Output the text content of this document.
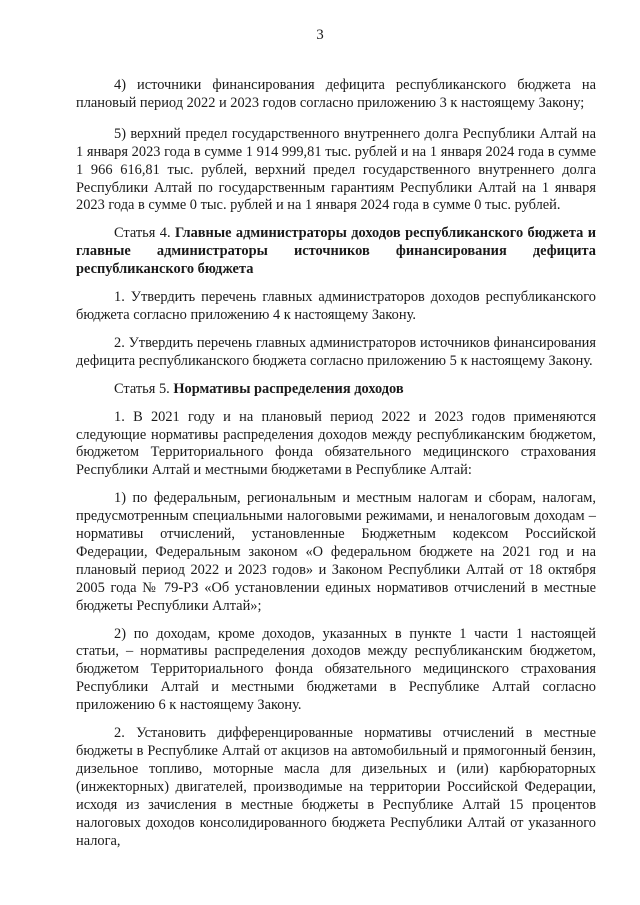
3

4) источники финансирования дефицита республиканского бюджета на плановый период 2022 и 2023 годов согласно приложению 3 к настоящему Закону;

5) верхний предел государственного внутреннего долга Республики Алтай на 1 января 2023 года в сумме 1 914 999,81 тыс. рублей и на 1 января 2024 года в сумме 1 966 616,81 тыс. рублей, верхний предел государственного внутреннего долга Республики Алтай по государственным гарантиям Республики Алтай на 1 января 2023 года в сумме 0 тыс. рублей и на 1 января 2024 года в сумме 0 тыс. рублей.

Статья 4. Главные администраторы доходов республиканского бюджета и главные администраторы источников финансирования дефицита республиканского бюджета

1. Утвердить перечень главных администраторов доходов республиканского бюджета согласно приложению 4 к настоящему Закону.

2. Утвердить перечень главных администраторов источников финансирования дефицита республиканского бюджета согласно приложению 5 к настоящему Закону.

Статья 5. Нормативы распределения доходов

1. В 2021 году и на плановый период 2022 и 2023 годов применяются следующие нормативы распределения доходов между республиканским бюджетом, бюджетом Территориального фонда обязательного медицинского страхования Республики Алтай и местными бюджетами в Республике Алтай:

1) по федеральным, региональным и местным налогам и сборам, налогам, предусмотренным специальными налоговыми режимами, и неналоговым доходам – нормативы отчислений, установленные Бюджетным кодексом Российской Федерации, Федеральным законом «О федеральном бюджете на 2021 год и на плановый период 2022 и 2023 годов» и Законом Республики Алтай от 18 октября 2005 года № 79-РЗ «Об установлении единых нормативов отчислений в местные бюджеты Республики Алтай»;

2) по доходам, кроме доходов, указанных в пункте 1 части 1 настоящей статьи, – нормативы распределения доходов между республиканским бюджетом, бюджетом Территориального фонда обязательного медицинского страхования Республики Алтай и местными бюджетами в Республике Алтай согласно приложению 6 к настоящему Закону.

2. Установить дифференцированные нормативы отчислений в местные бюджеты в Республике Алтай от акцизов на автомобильный и прямогонный бензин, дизельное топливо, моторные масла для дизельных и (или) карбюраторных (инжекторных) двигателей, производимые на территории Российской Федерации, исходя из зачисления в местные бюджеты в Республике Алтай 15 процентов налоговых доходов консолидированного бюджета Республики Алтай от указанного налога,
